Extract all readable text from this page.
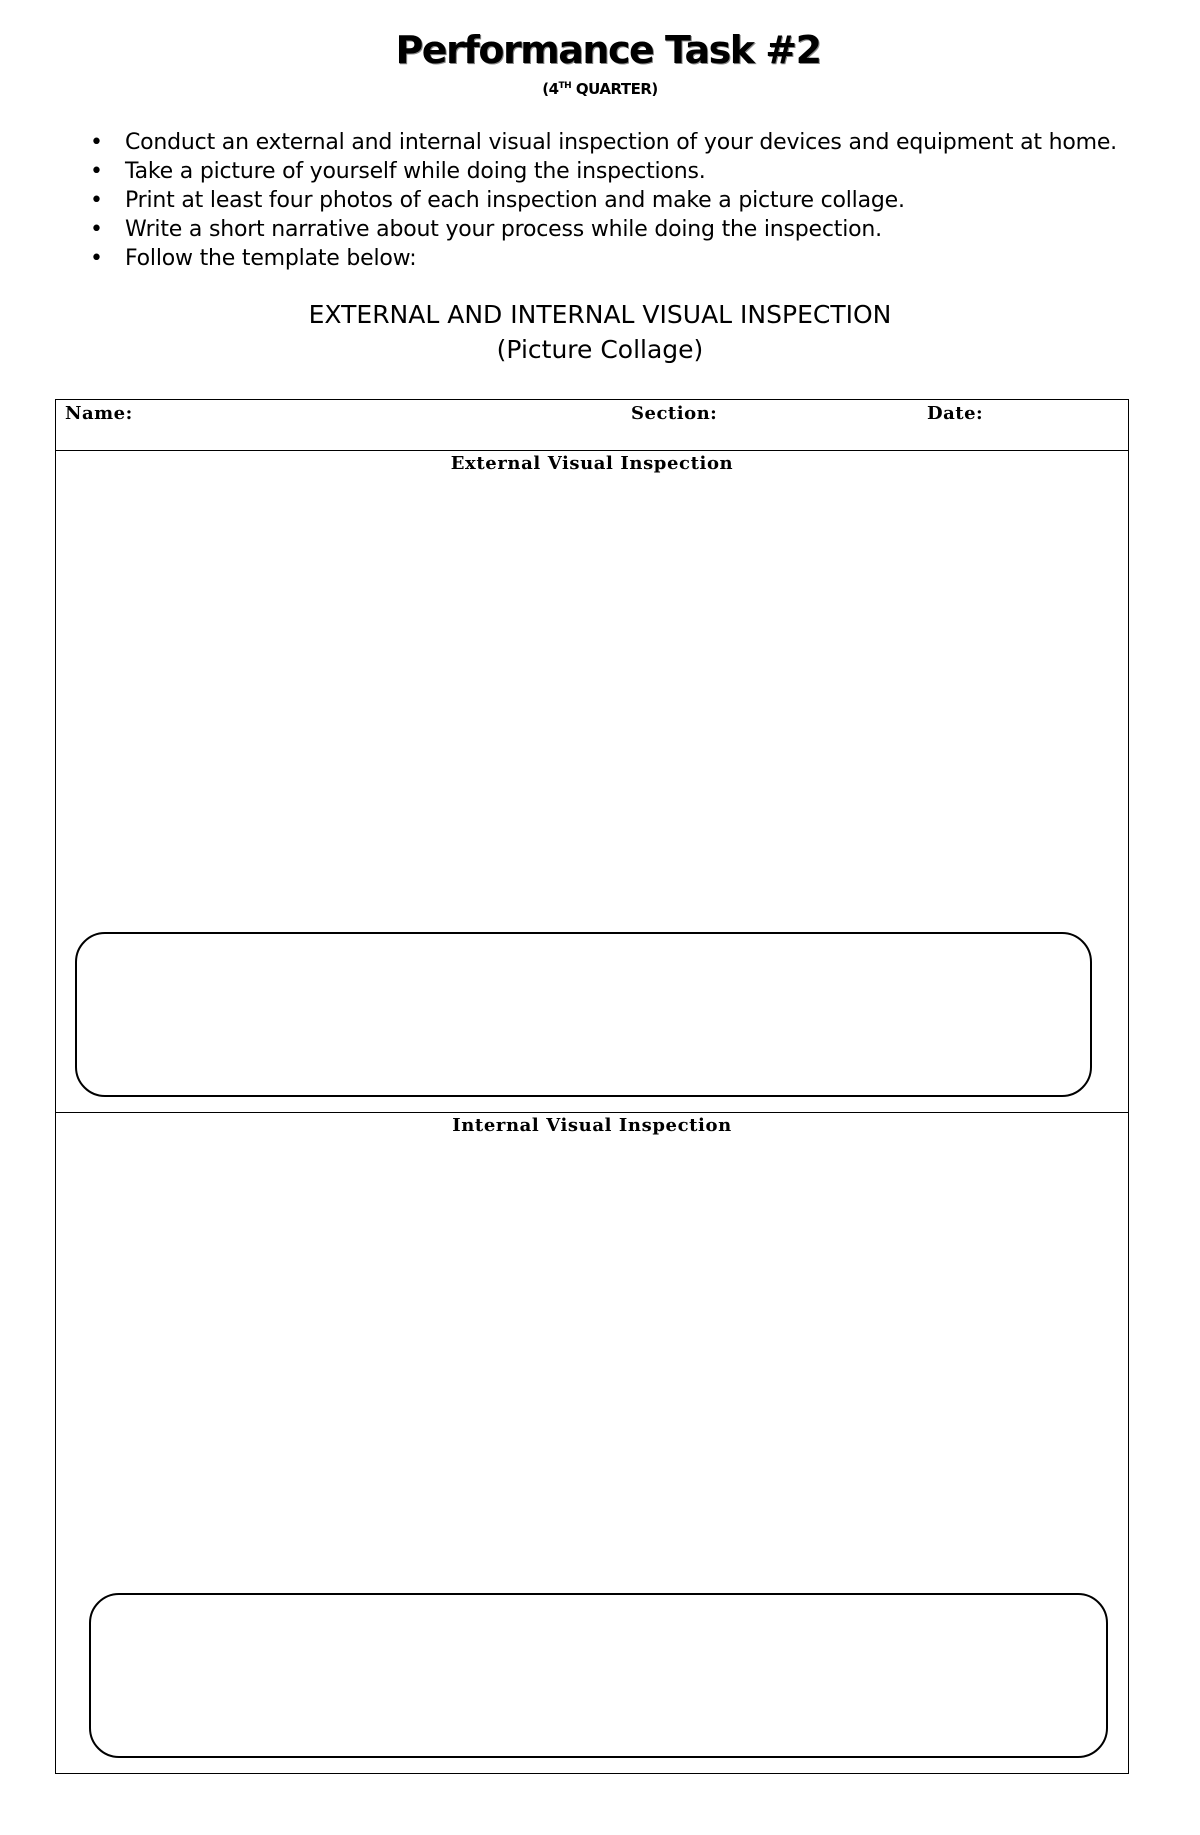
Performance Task #2
(4TH QUARTER)
• Conduct an external and internal visual inspection of your devices and equipment at home.
• Take a picture of yourself while doing the inspections.
• Print at least four photos of each inspection and make a picture collage.
• Write a short narrative about your process while doing the inspection.
• Follow the template below:
EXTERNAL AND INTERNAL VISUAL INSPECTION
(Picture Collage)
Name:	Section:	Date:
External Visual Inspection
Internal Visual Inspection
